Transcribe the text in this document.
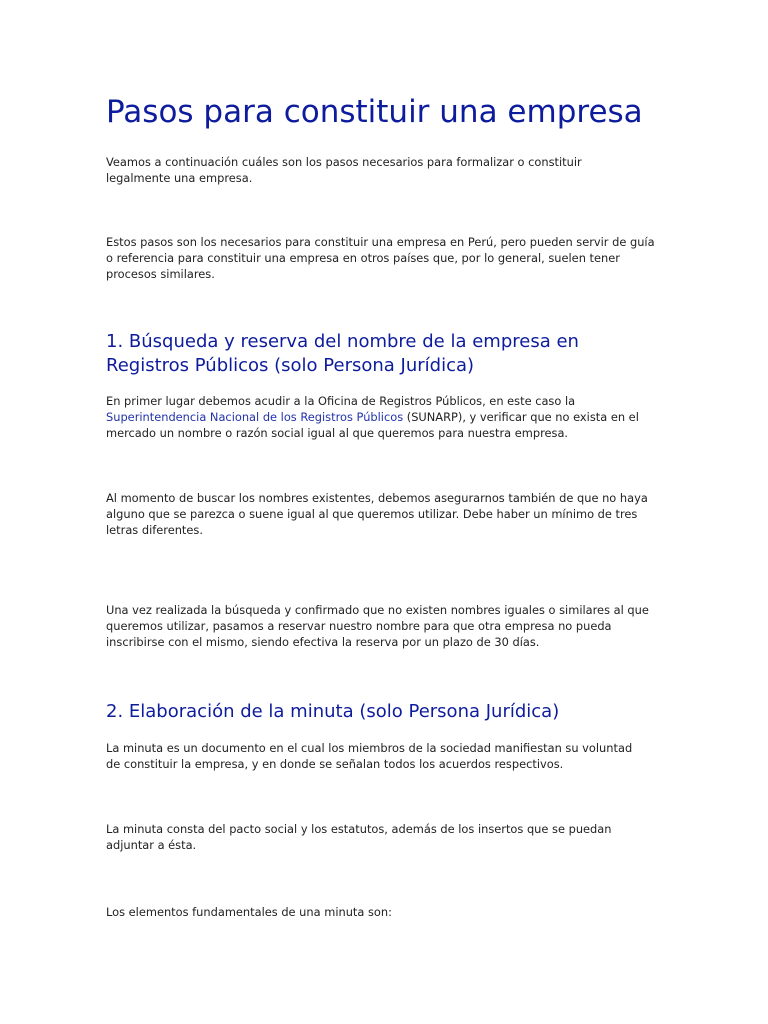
Pasos para constituir una empresa

Veamos a continuación cuáles son los pasos necesarios para formalizar o constituir legalmente una empresa.

Estos pasos son los necesarios para constituir una empresa en Perú, pero pueden servir de guía o referencia para constituir una empresa en otros países que, por lo general, suelen tener procesos similares.

1. Búsqueda y reserva del nombre de la empresa en Registros Públicos (solo Persona Jurídica)

En primer lugar debemos acudir a la Oficina de Registros Públicos, en este caso la Superintendencia Nacional de los Registros Públicos (SUNARP), y verificar que no exista en el mercado un nombre o razón social igual al que queremos para nuestra empresa.

Al momento de buscar los nombres existentes, debemos asegurarnos también de que no haya alguno que se parezca o suene igual al que queremos utilizar. Debe haber un mínimo de tres letras diferentes.

Una vez realizada la búsqueda y confirmado que no existen nombres iguales o similares al que queremos utilizar, pasamos a reservar nuestro nombre para que otra empresa no pueda inscribirse con el mismo, siendo efectiva la reserva por un plazo de 30 días.

2. Elaboración de la minuta (solo Persona Jurídica)

La minuta es un documento en el cual los miembros de la sociedad manifiestan su voluntad de constituir la empresa, y en donde se señalan todos los acuerdos respectivos.

La minuta consta del pacto social y los estatutos, además de los insertos que se puedan adjuntar a ésta.

Los elementos fundamentales de una minuta son:
